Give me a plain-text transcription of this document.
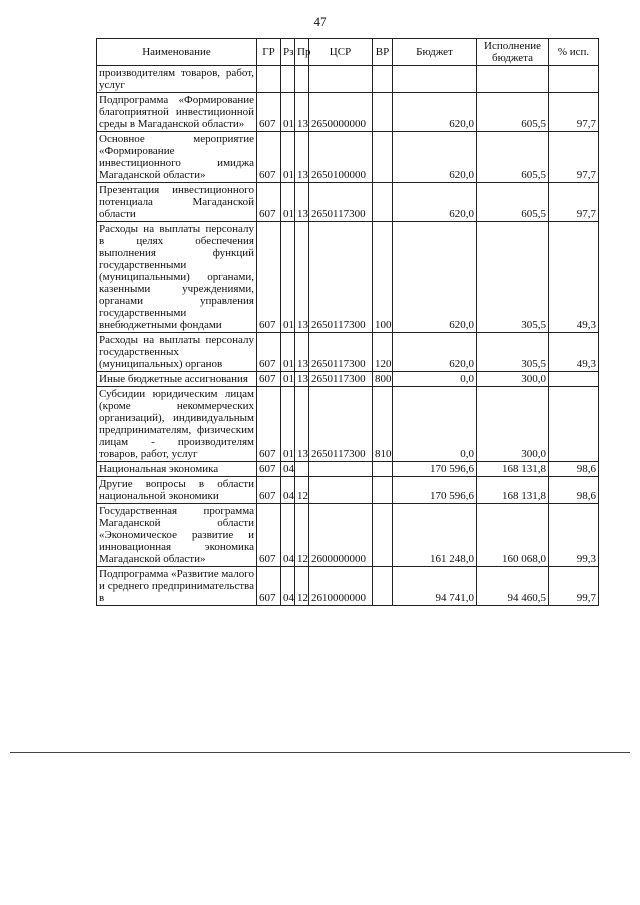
47
Наименование	ГР	Рз	Пр	ЦСР	ВР	Бюджет	Исполнение бюджета	% исп.
производителям товаров, работ, услуг								
Подпрограмма «Формирование благоприятной инвестиционной среды в Магаданской области»	607	01	13	2650000000		620,0	605,5	97,7
Основное мероприятие «Формирование инвестиционного имиджа Магаданской области»	607	01	13	2650100000		620,0	605,5	97,7
Презентация инвестиционного потенциала Магаданской области	607	01	13	2650117300		620,0	605,5	97,7
Расходы на выплаты персоналу в целях обеспечения выполнения функций государственными (муниципальными) органами, казенными учреждениями, органами управления государственными внебюджетными фондами	607	01	13	2650117300	100	620,0	305,5	49,3
Расходы на выплаты персоналу государственных (муниципальных) органов	607	01	13	2650117300	120	620,0	305,5	49,3
Иные бюджетные ассигнования	607	01	13	2650117300	800	0,0	300,0	
Субсидии юридическим лицам (кроме некоммерческих организаций), индивидуальным предпринимателям, физическим лицам - производителям товаров, работ, услуг	607	01	13	2650117300	810	0,0	300,0	
Национальная экономика	607	04				170 596,6	168 131,8	98,6
Другие вопросы в области национальной экономики	607	04	12			170 596,6	168 131,8	98,6
Государственная программа Магаданской области «Экономическое развитие и инновационная экономика Магаданской области»	607	04	12	2600000000		161 248,0	160 068,0	99,3
Подпрограмма «Развитие малого и среднего предпринимательства в	607	04	12	2610000000		94 741,0	94 460,5	99,7
